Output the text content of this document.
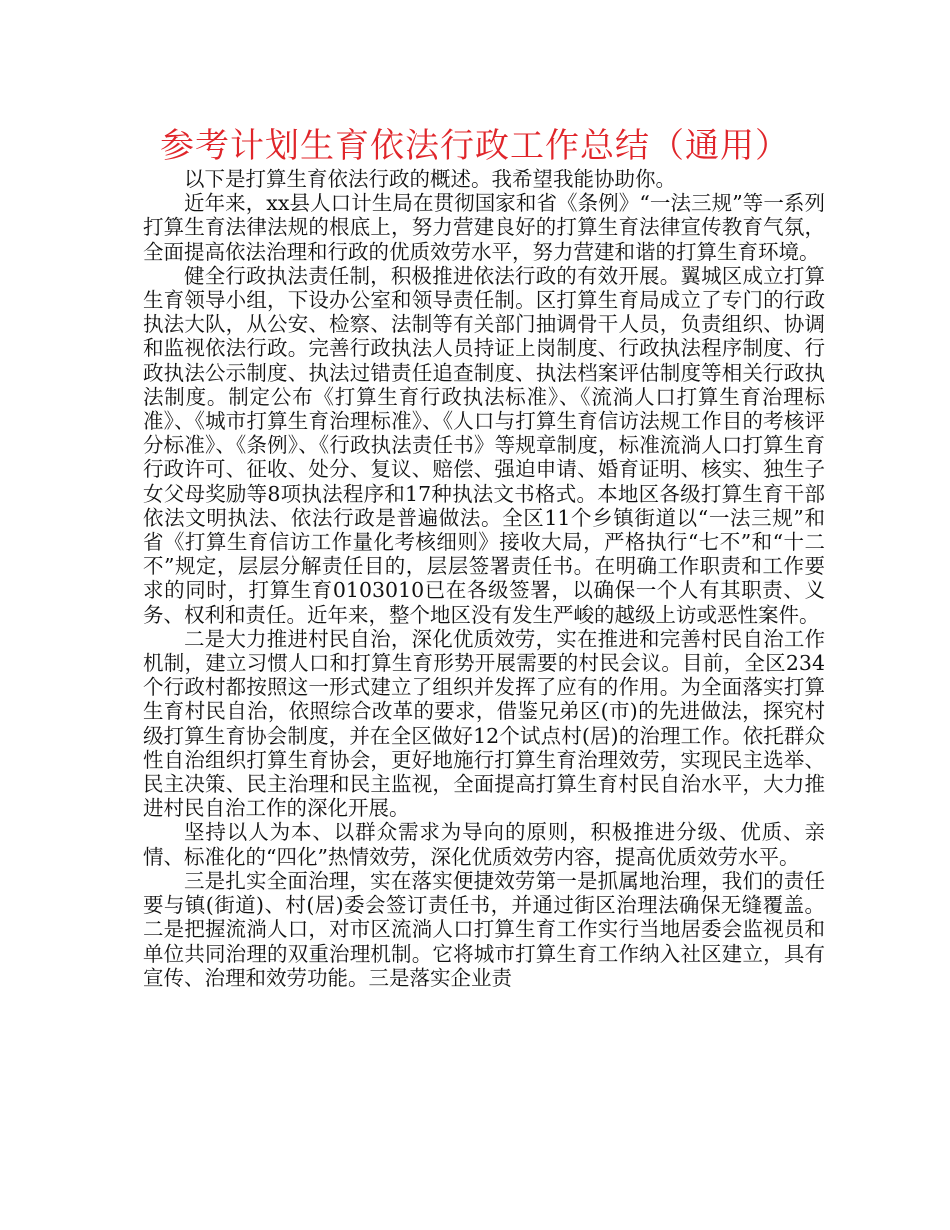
参考计划生育依法行政工作总结（通用）

以下是打算生育依法行政的概述。我希望我能协助你。

近年来，xx县人口计生局在贯彻国家和省《条例》“一法三规”等一系列打算生育法律法规的根底上，努力营建良好的打算生育法律宣传教育气氛，全面提高依法治理和行政的优质效劳水平，努力营建和谐的打算生育环境。

健全行政执法责任制，积极推进依法行政的有效开展。翼城区成立打算生育领导小组，下设办公室和领导责任制。区打算生育局成立了专门的行政执法大队，从公安、检察、法制等有关部门抽调骨干人员，负责组织、协调和监视依法行政。完善行政执法人员持证上岗制度、行政执法程序制度、行政执法公示制度、执法过错责任追查制度、执法档案评估制度等相关行政执法制度。制定公布《打算生育行政执法标准》、《流淌人口打算生育治理标准》、《城市打算生育治理标准》、《人口与打算生育信访法规工作目的考核评分标准》、《条例》、《行政执法责任书》等规章制度，标准流淌人口打算生育行政许可、征收、处分、复议、赔偿、强迫申请、婚育证明、核实、独生子女父母奖励等8项执法程序和17种执法文书格式。本地区各级打算生育干部依法文明执法、依法行政是普遍做法。全区11个乡镇街道以“一法三规”和省《打算生育信访工作量化考核细则》接收大局，严格执行“七不”和“十二不”规定，层层分解责任目的，层层签署责任书。在明确工作职责和工作要求的同时，打算生育0103010已在各级签署，以确保一个人有其职责、义务、权利和责任。近年来，整个地区没有发生严峻的越级上访或恶性案件。

二是大力推进村民自治，深化优质效劳，实在推进和完善村民自治工作机制，建立习惯人口和打算生育形势开展需要的村民会议。目前，全区234个行政村都按照这一形式建立了组织并发挥了应有的作用。为全面落实打算生育村民自治，依照综合改革的要求，借鉴兄弟区(市)的先进做法，探究村级打算生育协会制度，并在全区做好12个试点村(居)的治理工作。依托群众性自治组织打算生育协会，更好地施行打算生育治理效劳，实现民主选举、民主决策、民主治理和民主监视，全面提高打算生育村民自治水平，大力推进村民自治工作的深化开展。

坚持以人为本、以群众需求为导向的原则，积极推进分级、优质、亲情、标准化的“四化”热情效劳，深化优质效劳内容，提高优质效劳水平。

三是扎实全面治理，实在落实便捷效劳第一是抓属地治理，我们的责任要与镇(街道)、村(居)委会签订责任书，并通过街区治理法确保无缝覆盖。二是把握流淌人口，对市区流淌人口打算生育工作实行当地居委会监视员和单位共同治理的双重治理机制。它将城市打算生育工作纳入社区建立，具有宣传、治理和效劳功能。三是落实企业责
